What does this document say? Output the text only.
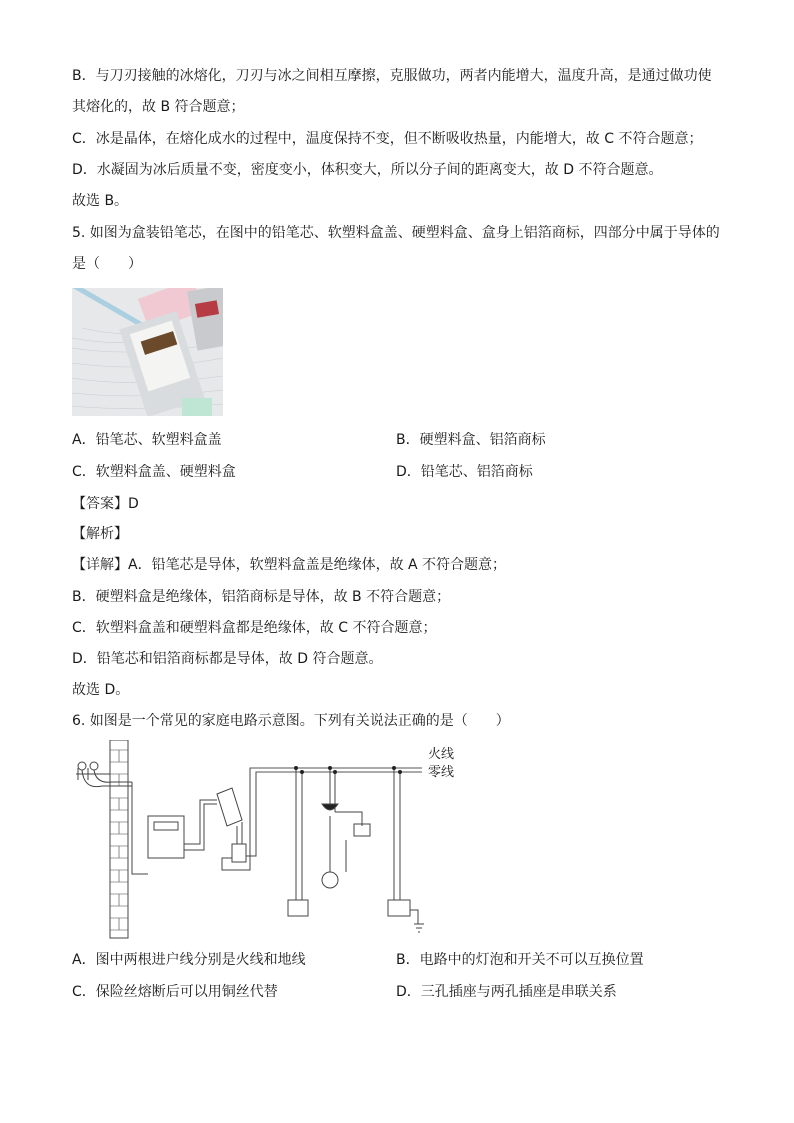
B．与刀刃接触的冰熔化，刀刃与冰之间相互摩擦，克服做功，两者内能增大，温度升高，是通过做功使
其熔化的，故 B 符合题意；
C．冰是晶体，在熔化成水的过程中，温度保持不变，但不断吸收热量，内能增大，故 C 不符合题意；
D．水凝固为冰后质量不变，密度变小，体积变大，所以分子间的距离变大，故 D 不符合题意。
故选 B。
5. 如图为盒装铅笔芯，在图中的铅笔芯、软塑料盒盖、硬塑料盒、盒身上铝箔商标，四部分中属于导体的
是（　　）
A．铅笔芯、软塑料盒盖	B．硬塑料盒、铝箔商标
C．软塑料盒盖、硬塑料盒	D．铅笔芯、铝箔商标
【答案】D
【解析】
【详解】A．铅笔芯是导体，软塑料盒盖是绝缘体，故 A 不符合题意；
B．硬塑料盒是绝缘体，铝箔商标是导体，故 B 不符合题意；
C．软塑料盒盖和硬塑料盒都是绝缘体，故 C 不符合题意；
D．铅笔芯和铝箔商标都是导体，故 D 符合题意。
故选 D。
6. 如图是一个常见的家庭电路示意图。下列有关说法正确的是（　　）
火线
零线
A．图中两根进户线分别是火线和地线	B．电路中的灯泡和开关不可以互换位置
C．保险丝熔断后可以用铜丝代替	D．三孔插座与两孔插座是串联关系
